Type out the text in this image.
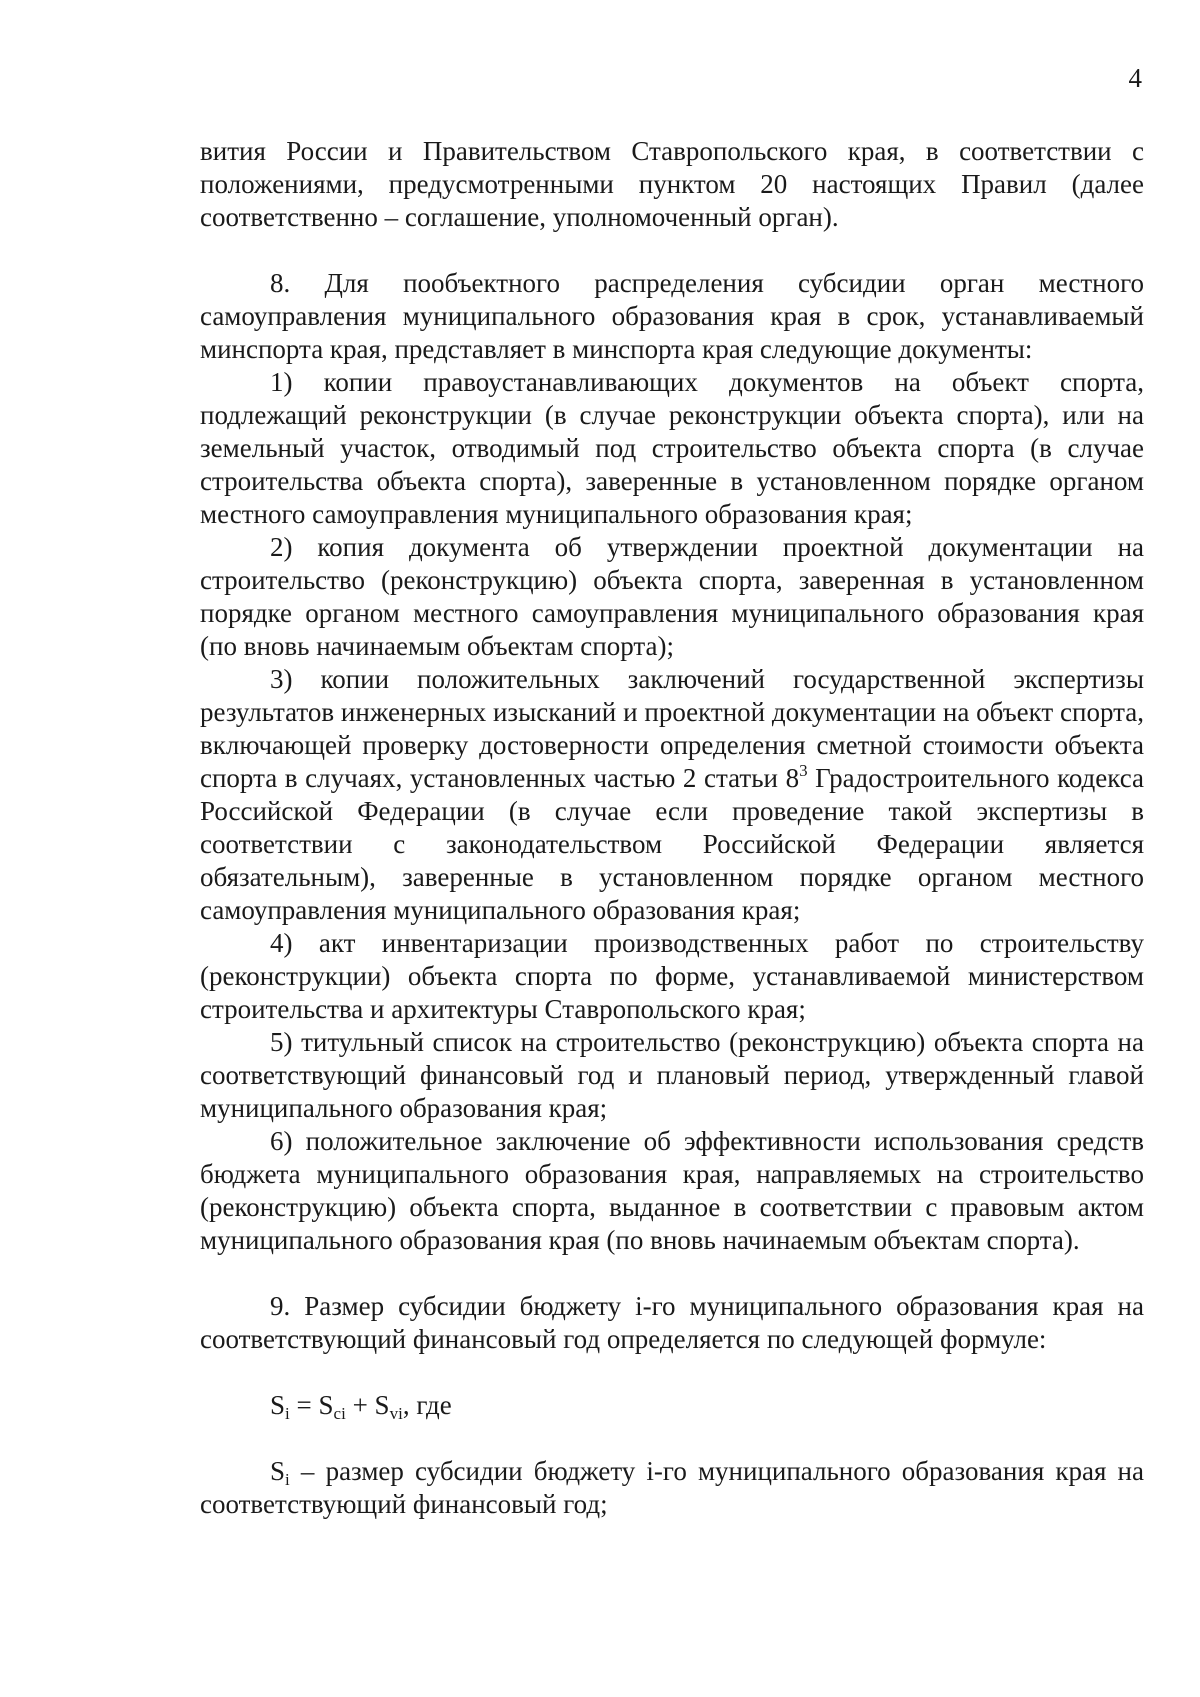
4

вития России и Правительством Ставропольского края, в соответствии с положениями, предусмотренными пунктом 20 настоящих Правил (далее соответственно – соглашение, уполномоченный орган).

8. Для пообъектного распределения субсидии орган местного самоуправления муниципального образования края в срок, устанавливаемый минспорта края, представляет в минспорта края следующие документы:

1) копии правоустанавливающих документов на объект спорта, подлежащий реконструкции (в случае реконструкции объекта спорта), или на земельный участок, отводимый под строительство объекта спорта (в случае строительства объекта спорта), заверенные в установленном порядке органом местного самоуправления муниципального образования края;

2) копия документа об утверждении проектной документации на строительство (реконструкцию) объекта спорта, заверенная в установленном порядке органом местного самоуправления муниципального образования края (по вновь начинаемым объектам спорта);

3) копии положительных заключений государственной экспертизы результатов инженерных изысканий и проектной документации на объект спорта, включающей проверку достоверности определения сметной стоимости объекта спорта в случаях, установленных частью 2 статьи $8^3$ Градостроительного кодекса Российской Федерации (в случае если проведение такой экспертизы в соответствии с законодательством Российской Федерации является обязательным), заверенные в установленном порядке органом местного самоуправления муниципального образования края;

4) акт инвентаризации производственных работ по строительству (реконструкции) объекта спорта по форме, устанавливаемой министерством строительства и архитектуры Ставропольского края;

5) титульный список на строительство (реконструкцию) объекта спорта на соответствующий финансовый год и плановый период, утвержденный главой муниципального образования края;

6) положительное заключение об эффективности использования средств бюджета муниципального образования края, направляемых на строительство (реконструкцию) объекта спорта, выданное в соответствии с правовым актом муниципального образования края (по вновь начинаемым объектам спорта).

9. Размер субсидии бюджету i-го муниципального образования края на соответствующий финансовый год определяется по следующей формуле:

$S_i = S_{ci} + S_{vi}$, где

$S_i$ – размер субсидии бюджету i-го муниципального образования края на соответствующий финансовый год;
